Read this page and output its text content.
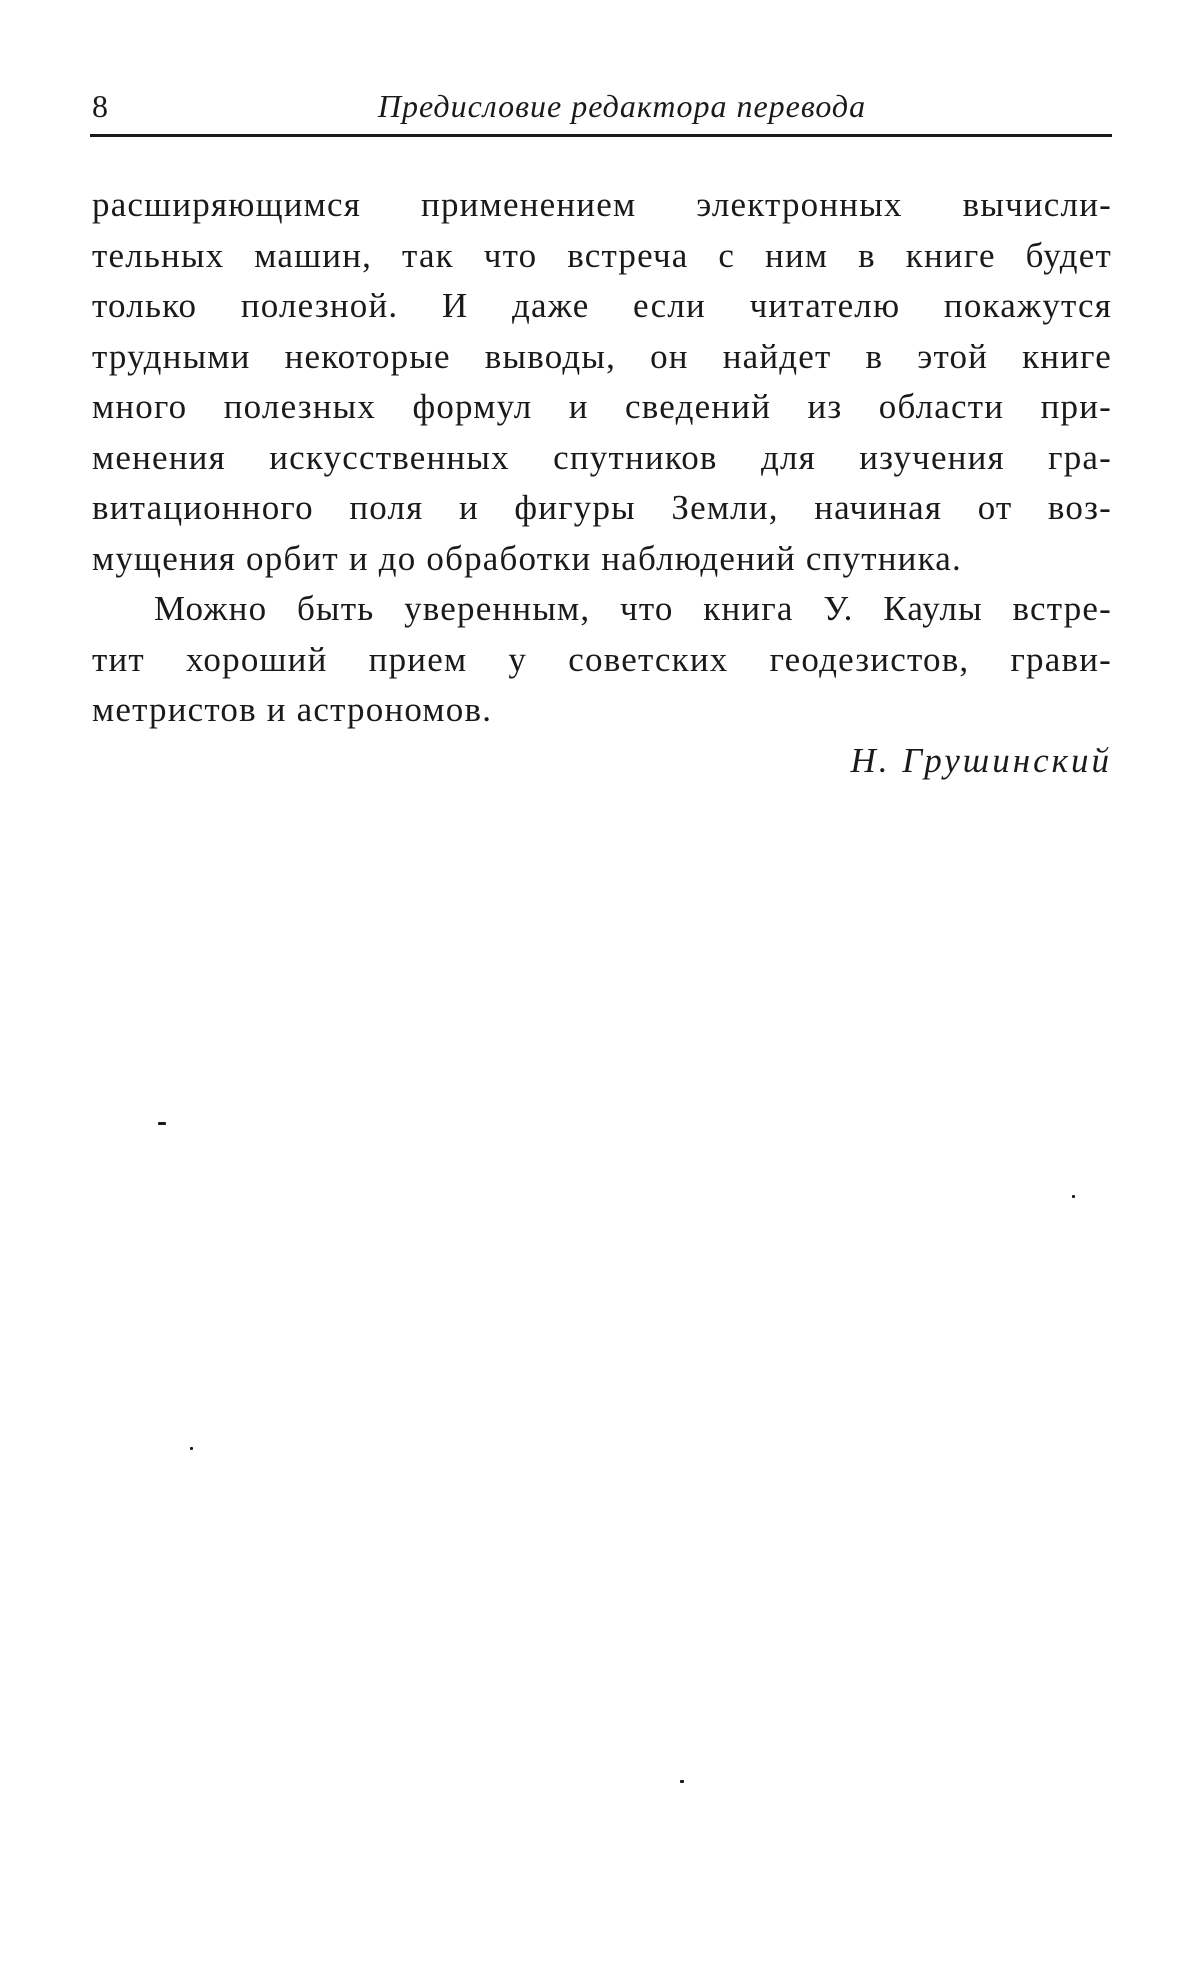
8	Предисловие редактора перевода
расширяющимся применением электронных вычисли-
тельных машин, так что встреча с ним в книге будет
только полезной. И даже если читателю покажутся
трудными некоторые выводы, он найдет в этой книге
много полезных формул и сведений из области при-
менения искусственных спутников для изучения гра-
витационного поля и фигуры Земли, начиная от воз-
мущения орбит и до обработки наблюдений спутника.
Можно быть уверенным, что книга У. Каулы встре-
тит хороший прием у советских геодезистов, грави-
метристов и астрономов.
Н. Грушинский
